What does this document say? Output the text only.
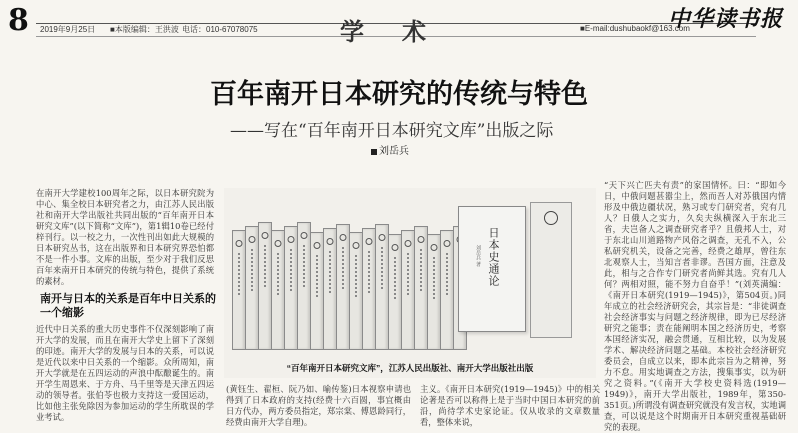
8 2019年9月25日 ■本版编辑：王洪波 电话：010-67078075	学术	■E-mail:dushubaokf@163.com
中华读书报
百年南开日本研究的传统与特色
——写在“百年南开日本研究文库”出版之际
刘岳兵
在南开大学建校100周年之际，以日本研究院为中心、集全校日本研究者之力，由江苏人民出版社和南开大学出版社共同出版的“百年南开日本研究文库”(以下简称“文库”)，第1辑10卷已经付梓刊行。以一校之力，一次性刊出如此大规模的日本研究丛书，这在出版界和日本研究界恐怕都不是一件小事。文库的出版，至少对于我们反思百年来南开日本研究的传统与特色，提供了系统的素材。
南开与日本的关系是百年中日关系的一个缩影
近代中日关系的重大历史事件不仅深刻影响了南开大学的发展，而且在南开大学史上留下了深刻的印迹。南开大学的发展与日本的关系，可以说是近代以来中日关系的一个缩影。众所周知，南开大学就是在五四运动的声浪中酝酿诞生的。南开学生周恩来、于方舟、马千里等是天津五四运动的领导者。张伯苓也极力支持这一爱国运动，比如他主张免除因为参加运动的学生所耽误的学业考试。
日本史通论
刘岳兵 著
“百年南开日本研究文库”，江苏人民出版社、南开大学出版社出版
(黄钰生、翟桓、阮乃如、喻传鉴)日本视察申请也得到了日本政府的支持(经费十六百圆，事宜概由日方代办，两方委员指定，郑宗棠、傅恩龄同行，经费由南开大学自理)。
主义。《南开日本研究(1919—1945)》中的相关论著是否可以称得上是于当时中国日本研究的前沿，尚待学术史家论证。仅从收录的文章数量看，整体来说，
“天下兴亡匹夫有责”的家国情怀。曰：“即如今日，中俄问题甚嚣尘上，然而吾人对苏俄国内情形及中俄边疆状况，熟习或专门研究者，究有几人？日俄人之实力，久矣夫纵横深入于东北三省，夫岂备人之调查研究者乎？且俄邦人士，对于东北山川道路物产风俗之调查，无孔不入，公私研究机关，设备之完善，经费之雄厚，曾往东北观察人士，当知言者非谬。吾国方面，注意及此，相与之合作专门研究者尚鲜其选。究有几人何？两相对照，能不努力自奋乎！”(刘英满编：《南开日本研究(1919—1945)》，第504页。)同年成立的社会经济研究会，其宗旨是：“非徒调查社会经济事实与问题之经济规律，即为已尽经济研究之能事；责在能阐明本国之经济历史，考察本国经济实况，融会贯通，互相比较，以为发展学术、解决经济问题之基础。本校社会经济研究委员会，自成立以来，即本此宗旨为之精神，努力不怠。用实地调查之方法，搜集事实，以为研究之资料。”(《南开大学校史资料选(1919—1949)》，南开大学出版社，1989年，第350-351页。)所谓没有调查研究就没有发言权，实地调查，可以说是这个时期南开日本研究重视基础研究的表现。
